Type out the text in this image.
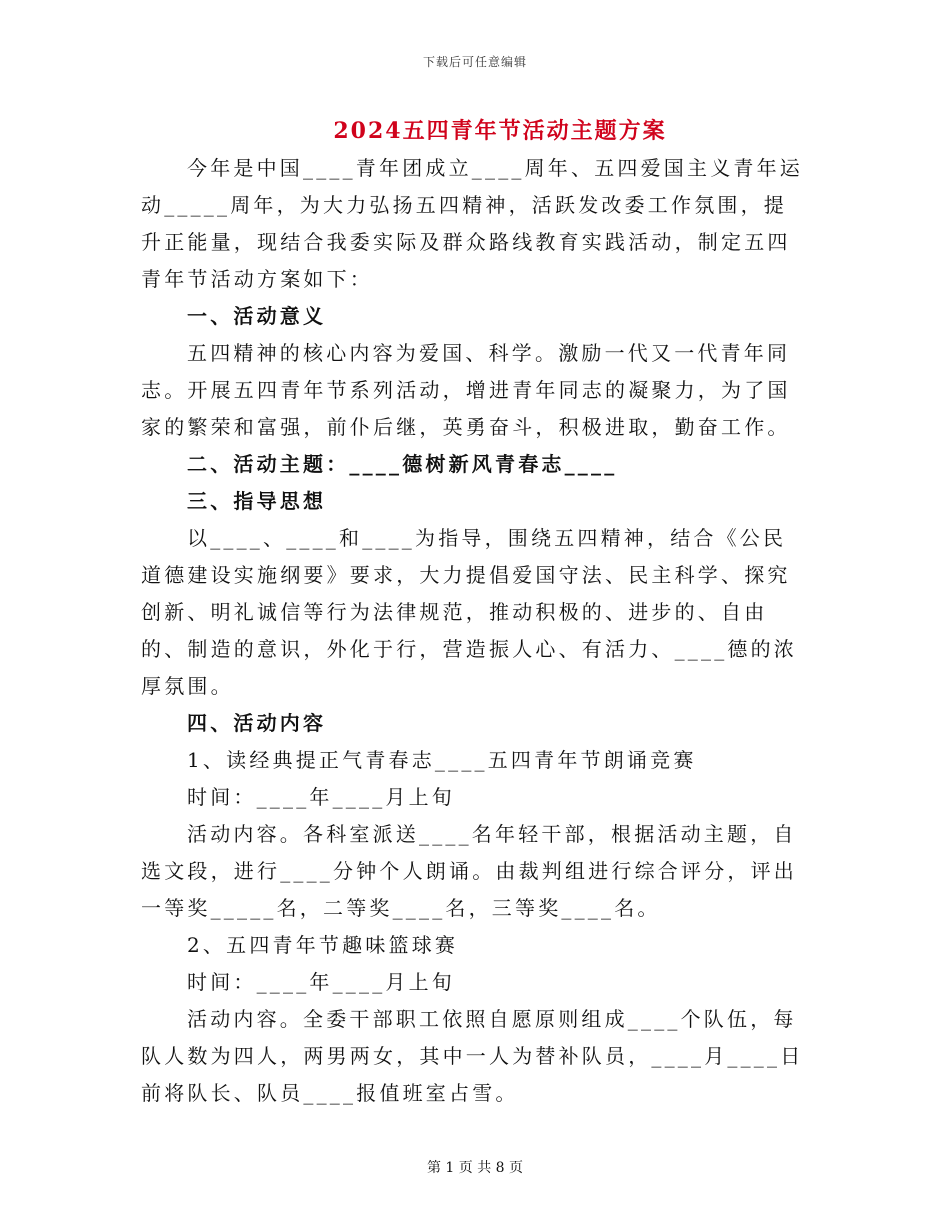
下载后可任意编辑
2024五四青年节活动主题方案

今年是中国____青年团成立____周年、五四爱国主义青年运动_____周年，为大力弘扬五四精神，活跃发改委工作氛围，提升正能量，现结合我委实际及群众路线教育实践活动，制定五四青年节活动方案如下：

一、活动意义

五四精神的核心内容为爱国、科学。激励一代又一代青年同志。开展五四青年节系列活动，增进青年同志的凝聚力，为了国家的繁荣和富强，前仆后继，英勇奋斗，积极进取，勤奋工作。

二、活动主题：____德树新风青春志____

三、指导思想

以____、____和____为指导，围绕五四精神，结合《公民道德建设实施纲要》要求，大力提倡爱国守法、民主科学、探究创新、明礼诚信等行为法律规范，推动积极的、进步的、自由的、制造的意识，外化于行，营造振人心、有活力、____德的浓厚氛围。

四、活动内容

1、读经典提正气青春志____五四青年节朗诵竞赛

时间：____年____月上旬

活动内容。各科室派送____名年轻干部，根据活动主题，自选文段，进行____分钟个人朗诵。由裁判组进行综合评分，评出一等奖_____名，二等奖____名，三等奖____名。

2、五四青年节趣味篮球赛

时间：____年____月上旬

活动内容。全委干部职工依照自愿原则组成____个队伍，每队人数为四人，两男两女，其中一人为替补队员，____月____日前将队长、队员____报值班室占雪。

第 1 页 共 8 页
